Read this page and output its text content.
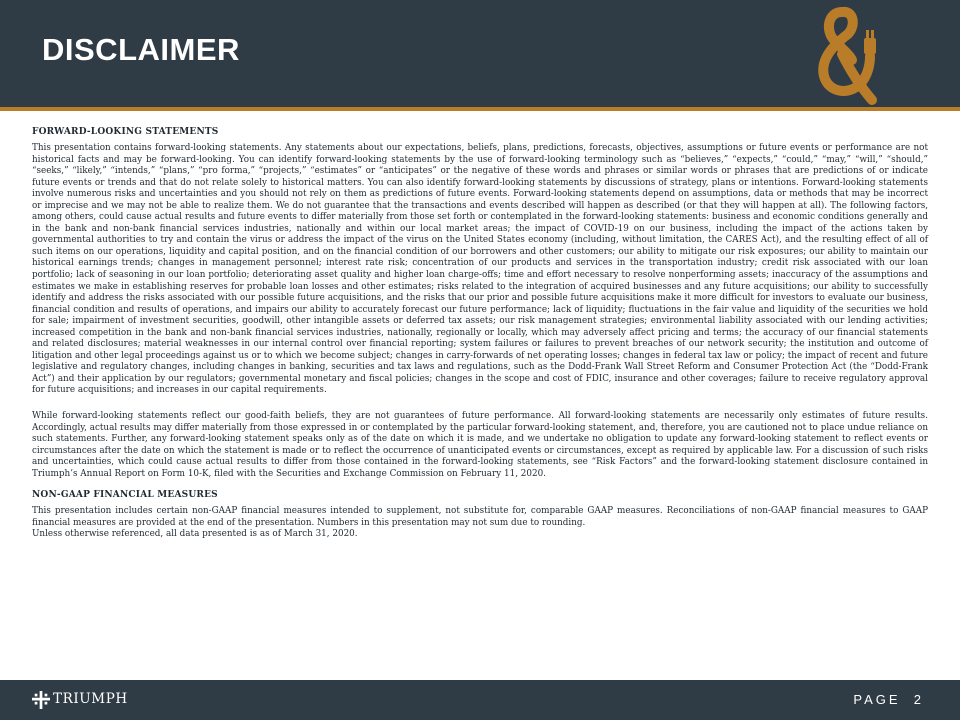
DISCLAIMER

FORWARD-LOOKING STATEMENTS

This presentation contains forward-looking statements. Any statements about our expectations, beliefs, plans, predictions, forecasts, objectives, assumptions or future events or performance are not historical facts and may be forward-looking. You can identify forward-looking statements by the use of forward-looking terminology such as “believes,” “expects,” “could,” “may,” “will,” “should,” “seeks,” “likely,” “intends,” “plans,” “pro forma,” “projects,” “estimates” or “anticipates” or the negative of these words and phrases or similar words or phrases that are predictions of or indicate future events or trends and that do not relate solely to historical matters. You can also identify forward-looking statements by discussions of strategy, plans or intentions. Forward-looking statements involve numerous risks and uncertainties and you should not rely on them as predictions of future events. Forward-looking statements depend on assumptions, data or methods that may be incorrect or imprecise and we may not be able to realize them. We do not guarantee that the transactions and events described will happen as described (or that they will happen at all). The following factors, among others, could cause actual results and future events to differ materially from those set forth or contemplated in the forward-looking statements: business and economic conditions generally and in the bank and non-bank financial services industries, nationally and within our local market areas; the impact of COVID-19 on our business, including the impact of the actions taken by governmental authorities to try and contain the virus or address the impact of the virus on the United States economy (including, without limitation, the CARES Act), and the resulting effect of all of such items on our operations, liquidity and capital position, and on the financial condition of our borrowers and other customers; our ability to mitigate our risk exposures; our ability to maintain our historical earnings trends; changes in management personnel; interest rate risk; concentration of our products and services in the transportation industry; credit risk associated with our loan portfolio; lack of seasoning in our loan portfolio; deteriorating asset quality and higher loan charge-offs; time and effort necessary to resolve nonperforming assets; inaccuracy of the assumptions and estimates we make in establishing reserves for probable loan losses and other estimates; risks related to the integration of acquired businesses and any future acquisitions; our ability to successfully identify and address the risks associated with our possible future acquisitions, and the risks that our prior and possible future acquisitions make it more difficult for investors to evaluate our business, financial condition and results of operations, and impairs our ability to accurately forecast our future performance; lack of liquidity; fluctuations in the fair value and liquidity of the securities we hold for sale; impairment of investment securities, goodwill, other intangible assets or deferred tax assets; our risk management strategies; environmental liability associated with our lending activities; increased competition in the bank and non-bank financial services industries, nationally, regionally or locally, which may adversely affect pricing and terms; the accuracy of our financial statements and related disclosures; material weaknesses in our internal control over financial reporting; system failures or failures to prevent breaches of our network security; the institution and outcome of litigation and other legal proceedings against us or to which we become subject; changes in carry-forwards of net operating losses; changes in federal tax law or policy; the impact of recent and future legislative and regulatory changes, including changes in banking, securities and tax laws and regulations, such as the Dodd-Frank Wall Street Reform and Consumer Protection Act (the “Dodd-Frank Act”) and their application by our regulators; governmental monetary and fiscal policies; changes in the scope and cost of FDIC, insurance and other coverages; failure to receive regulatory approval for future acquisitions; and increases in our capital requirements.

While forward-looking statements reflect our good-faith beliefs, they are not guarantees of future performance. All forward-looking statements are necessarily only estimates of future results. Accordingly, actual results may differ materially from those expressed in or contemplated by the particular forward-looking statement, and, therefore, you are cautioned not to place undue reliance on such statements. Further, any forward-looking statement speaks only as of the date on which it is made, and we undertake no obligation to update any forward-looking statement to reflect events or circumstances after the date on which the statement is made or to reflect the occurrence of unanticipated events or circumstances, except as required by applicable law. For a discussion of such risks and uncertainties, which could cause actual results to differ from those contained in the forward-looking statements, see “Risk Factors” and the forward-looking statement disclosure contained in Triumph’s Annual Report on Form 10-K, filed with the Securities and Exchange Commission on February 11, 2020.

NON-GAAP FINANCIAL MEASURES

This presentation includes certain non-GAAP financial measures intended to supplement, not substitute for, comparable GAAP measures. Reconciliations of non-GAAP financial measures to GAAP financial measures are provided at the end of the presentation. Numbers in this presentation may not sum due to rounding.

Unless otherwise referenced, all data presented is as of March 31, 2020.

TRIUMPH	PAGE 2
